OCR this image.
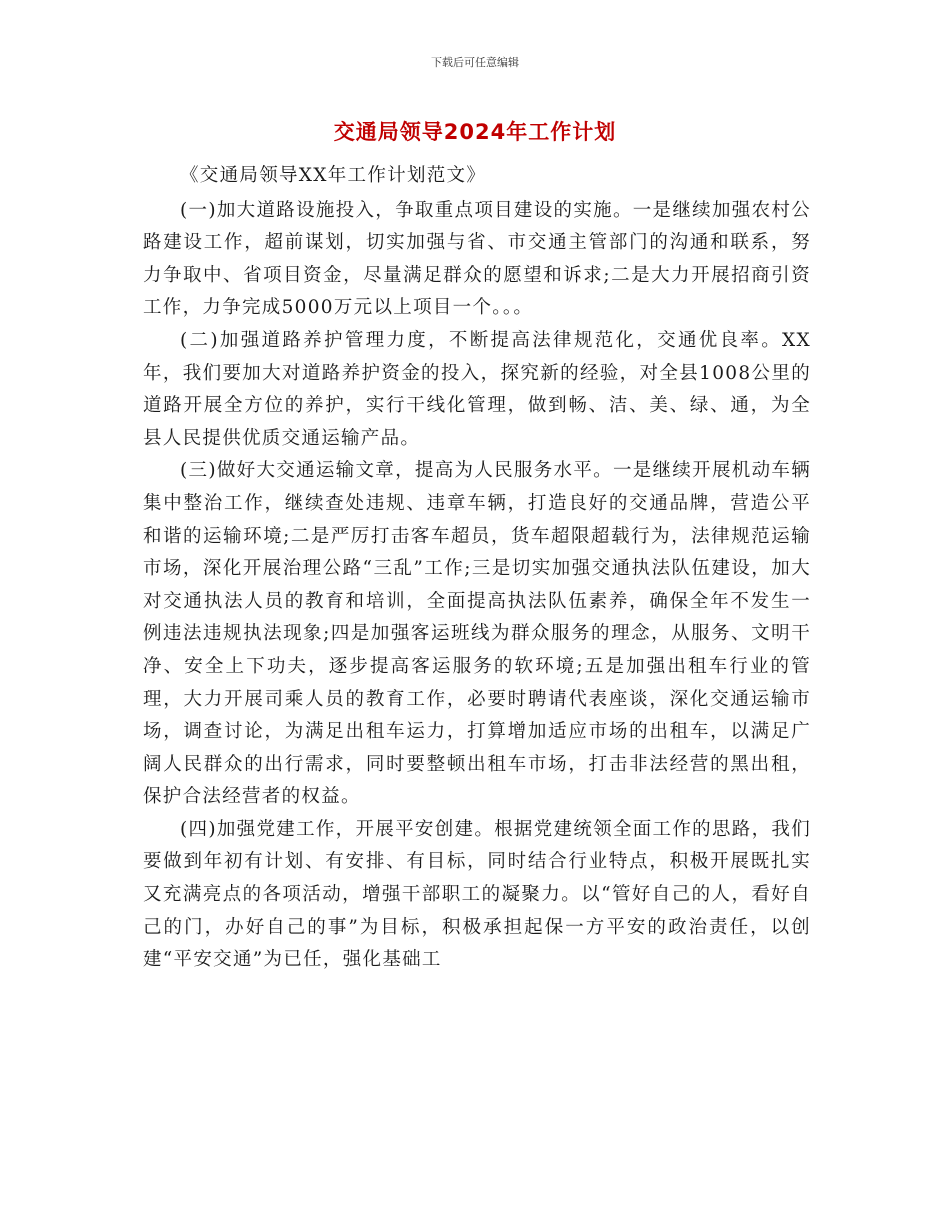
下载后可任意编辑
交通局领导2024年工作计划

《交通局领导XX年工作计划范文》

(一)加大道路设施投入，争取重点项目建设的实施。一是继续加强农村公路建设工作，超前谋划，切实加强与省、市交通主管部门的沟通和联系，努力争取中、省项目资金，尽量满足群众的愿望和诉求;二是大力开展招商引资工作，力争完成5000万元以上项目一个。。。

(二)加强道路养护管理力度，不断提高法律规范化，交通优良率。XX年，我们要加大对道路养护资金的投入，探究新的经验，对全县1008公里的道路开展全方位的养护，实行干线化管理，做到畅、洁、美、绿、通，为全县人民提供优质交通运输产品。

(三)做好大交通运输文章，提高为人民服务水平。一是继续开展机动车辆集中整治工作，继续查处违规、违章车辆，打造良好的交通品牌，营造公平和谐的运输环境;二是严厉打击客车超员，货车超限超载行为，法律规范运输市场，深化开展治理公路“三乱”工作;三是切实加强交通执法队伍建设，加大对交通执法人员的教育和培训，全面提高执法队伍素养，确保全年不发生一例违法违规执法现象;四是加强客运班线为群众服务的理念，从服务、文明干净、安全上下功夫，逐步提高客运服务的软环境;五是加强出租车行业的管理，大力开展司乘人员的教育工作，必要时聘请代表座谈，深化交通运输市场，调查讨论，为满足出租车运力，打算增加适应市场的出租车，以满足广阔人民群众的出行需求，同时要整顿出租车市场，打击非法经营的黑出租，保护合法经营者的权益。

(四)加强党建工作，开展平安创建。根据党建统领全面工作的思路，我们要做到年初有计划、有安排、有目标，同时结合行业特点，积极开展既扎实又充满亮点的各项活动，增强干部职工的凝聚力。以“管好自己的人，看好自己的门，办好自己的事”为目标，积极承担起保一方平安的政治责任，以创建“平安交通”为已任，强化基础工
